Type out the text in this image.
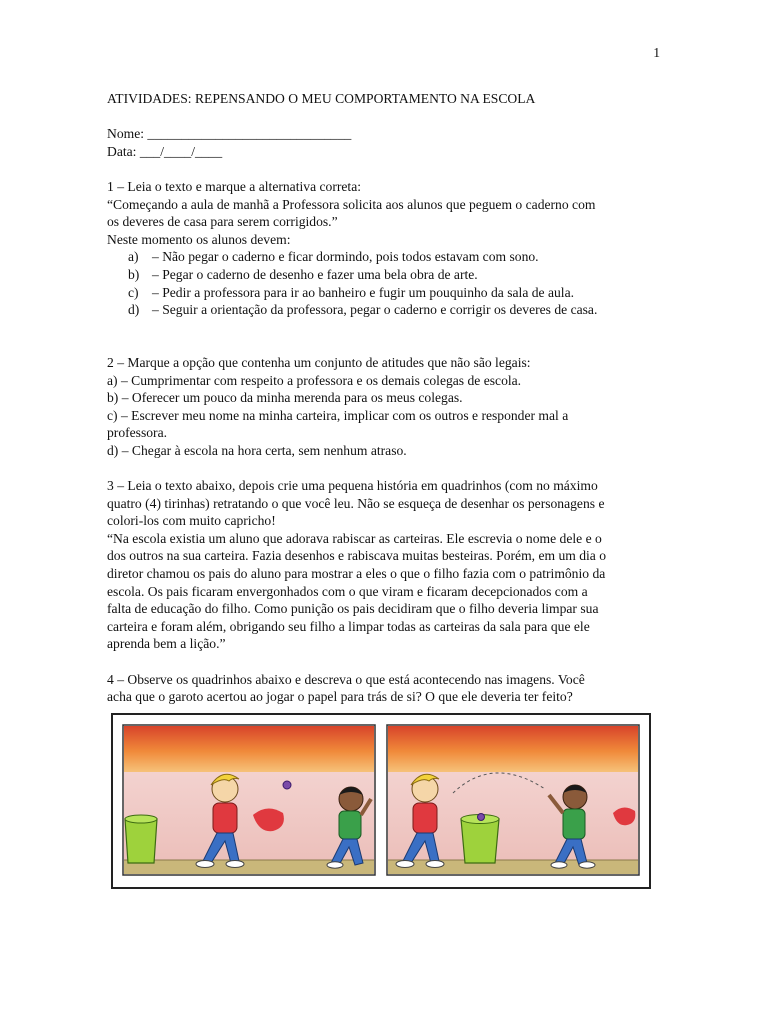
1
ATIVIDADES: REPENSANDO O MEU COMPORTAMENTO NA ESCOLA
Nome: ______________________________
Data: ___/____/____
1 – Leia o texto e marque a alternativa correta:
“Começando a aula de manhã a Professora solicita aos alunos que peguem o caderno com
os deveres de casa para serem corrigidos.”
Neste momento os alunos devem:
a) – Não pegar o caderno e ficar dormindo, pois todos estavam com sono.
b) – Pegar o caderno de desenho e fazer uma bela obra de arte.
c) – Pedir a professora para ir ao banheiro e fugir um pouquinho da sala de aula.
d) – Seguir a orientação da professora, pegar o caderno e corrigir os deveres de casa.
2 – Marque a opção que contenha um conjunto de atitudes que não são legais:
a) – Cumprimentar com respeito a professora e os demais colegas de escola.
b) – Oferecer um pouco da minha merenda para os meus colegas.
c) – Escrever meu nome na minha carteira, implicar com os outros e responder mal a
professora.
d) – Chegar à escola na hora certa, sem nenhum atraso.
3 – Leia o texto abaixo, depois crie uma pequena história em quadrinhos (com no máximo
quatro (4) tirinhas) retratando o que você leu. Não se esqueça de desenhar os personagens e
colori-los com muito capricho!
“Na escola existia um aluno que adorava rabiscar as carteiras. Ele escrevia o nome dele e o
dos outros na sua carteira. Fazia desenhos e rabiscava muitas besteiras. Porém, em um dia o
diretor chamou os pais do aluno para mostrar a eles o que o filho fazia com o patrimônio da
escola. Os pais ficaram envergonhados com o que viram e ficaram decepcionados com a
falta de educação do filho. Como punição os pais decidiram que o filho deveria limpar sua
carteira e foram além, obrigando seu filho a limpar todas as carteiras da sala para que ele
aprenda bem a lição.”
4 – Observe os quadrinhos abaixo e descreva o que está acontecendo nas imagens. Você
acha que o garoto acertou ao jogar o papel para trás de si? O que ele deveria ter feito?
